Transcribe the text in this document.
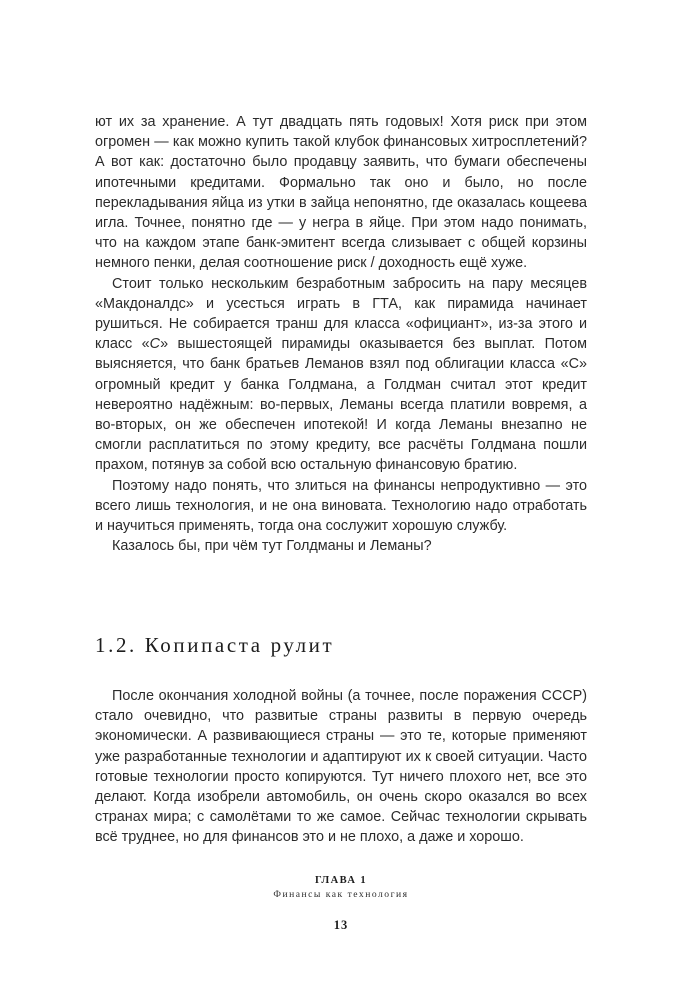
ют их за хранение. А тут двадцать пять годовых! Хотя риск при этом огромен — как можно купить такой клубок финансовых хитросплетений? А вот как: достаточно было продавцу заявить, что бумаги обеспечены ипотечными кредитами. Формально так оно и было, но после перекладывания яйца из утки в зайца непонятно, где оказалась кощеева игла. Точнее, понятно где — у негра в яйце. При этом надо понимать, что на каждом этапе банк-эмитент всегда слизывает с общей корзины немного пенки, делая соотношение риск / доходность ещё хуже.

Стоит только нескольким безработным забросить на пару месяцев «Макдоналдс» и усесться играть в ГТА, как пирамида начинает рушиться. Не собирается транш для класса «официант», из-за этого и класс «C» вышестоящей пирамиды оказывается без выплат. Потом выясняется, что банк братьев Леманов взял под облигации класса «С» огромный кредит у банка Голдмана, а Голдман считал этот кредит невероятно надёжным: во-первых, Леманы всегда платили вовремя, а во-вторых, он же обеспечен ипотекой! И когда Леманы внезапно не смогли расплатиться по этому кредиту, все расчёты Голдмана пошли прахом, потянув за собой всю остальную финансовую братию.

Поэтому надо понять, что злиться на финансы непродуктивно — это всего лишь технология, и не она виновата. Технологию надо отработать и научиться применять, тогда она сослужит хорошую службу.

Казалось бы, при чём тут Голдманы и Леманы?

1.2. Копипаста рулит

После окончания холодной войны (а точнее, после поражения СССР) стало очевидно, что развитые страны развиты в первую очередь экономически. А развивающиеся страны — это те, которые применяют уже разработанные технологии и адаптируют их к своей ситуации. Часто готовые технологии просто копируются. Тут ничего плохого нет, все это делают. Когда изобрели автомобиль, он очень скоро оказался во всех странах мира; с самолётами то же самое. Сейчас технологии скрывать всё труднее, но для финансов это и не плохо, а даже и хорошо.

ГЛАВА 1
Финансы как технология
13
